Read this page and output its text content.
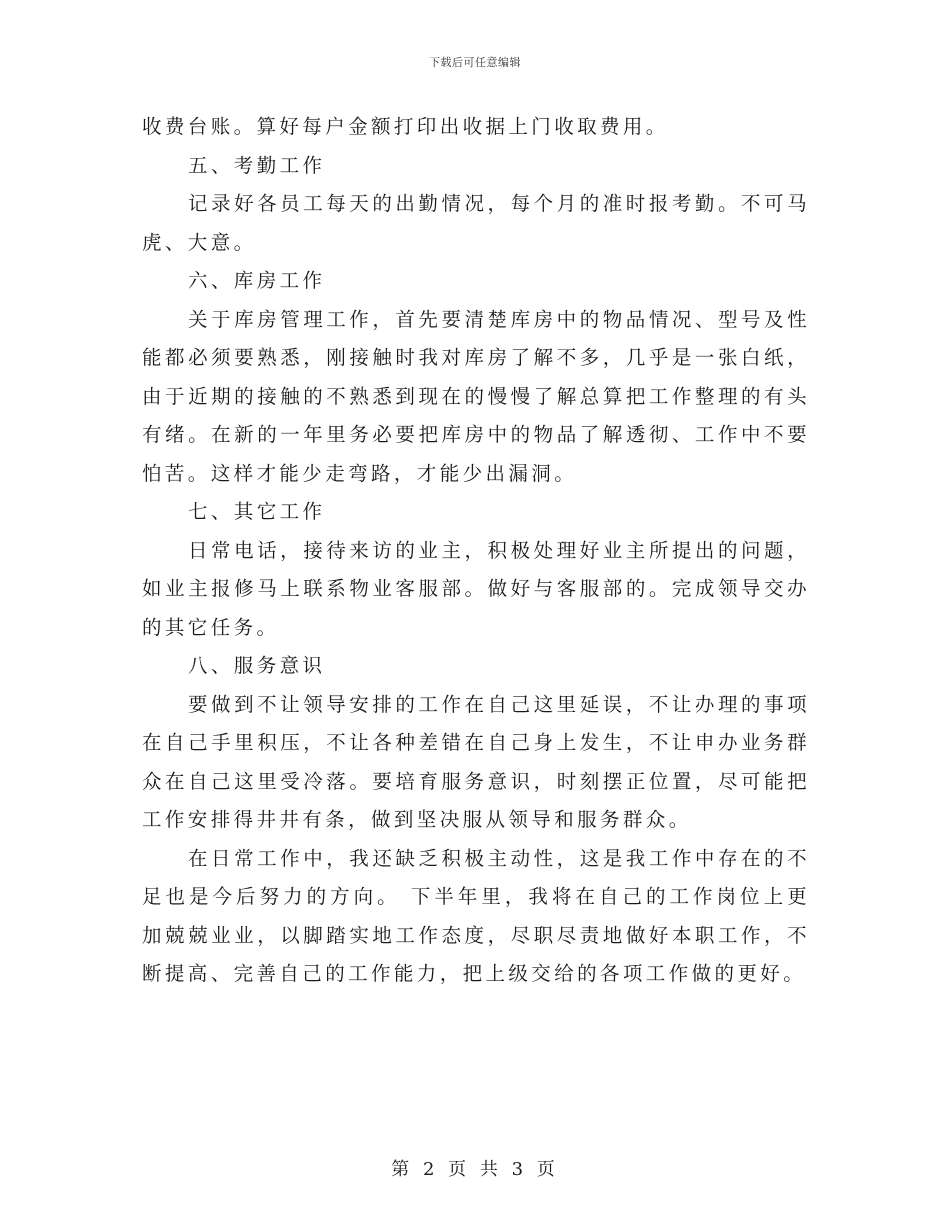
下载后可任意编辑

收费台账。算好每户金额打印出收据上门收取费用。

五、考勤工作

记录好各员工每天的出勤情况，每个月的准时报考勤。不可马虎、大意。

六、库房工作

关于库房管理工作，首先要清楚库房中的物品情况、型号及性能都必须要熟悉，刚接触时我对库房了解不多，几乎是一张白纸，由于近期的接触的不熟悉到现在的慢慢了解总算把工作整理的有头有绪。在新的一年里务必要把库房中的物品了解透彻、工作中不要怕苦。这样才能少走弯路，才能少出漏洞。

七、其它工作

日常电话，接待来访的业主，积极处理好业主所提出的问题，如业主报修马上联系物业客服部。做好与客服部的。完成领导交办的其它任务。

八、服务意识

要做到不让领导安排的工作在自己这里延误，不让办理的事项在自己手里积压，不让各种差错在自己身上发生，不让申办业务群众在自己这里受冷落。要培育服务意识，时刻摆正位置，尽可能把工作安排得井井有条，做到坚决服从领导和服务群众。

在日常工作中，我还缺乏积极主动性，这是我工作中存在的不足也是今后努力的方向。 下半年里，我将在自己的工作岗位上更加兢兢业业，以脚踏实地工作态度，尽职尽责地做好本职工作，不断提高、完善自己的工作能力，把上级交给的各项工作做的更好。

第 2 页 共 3 页
